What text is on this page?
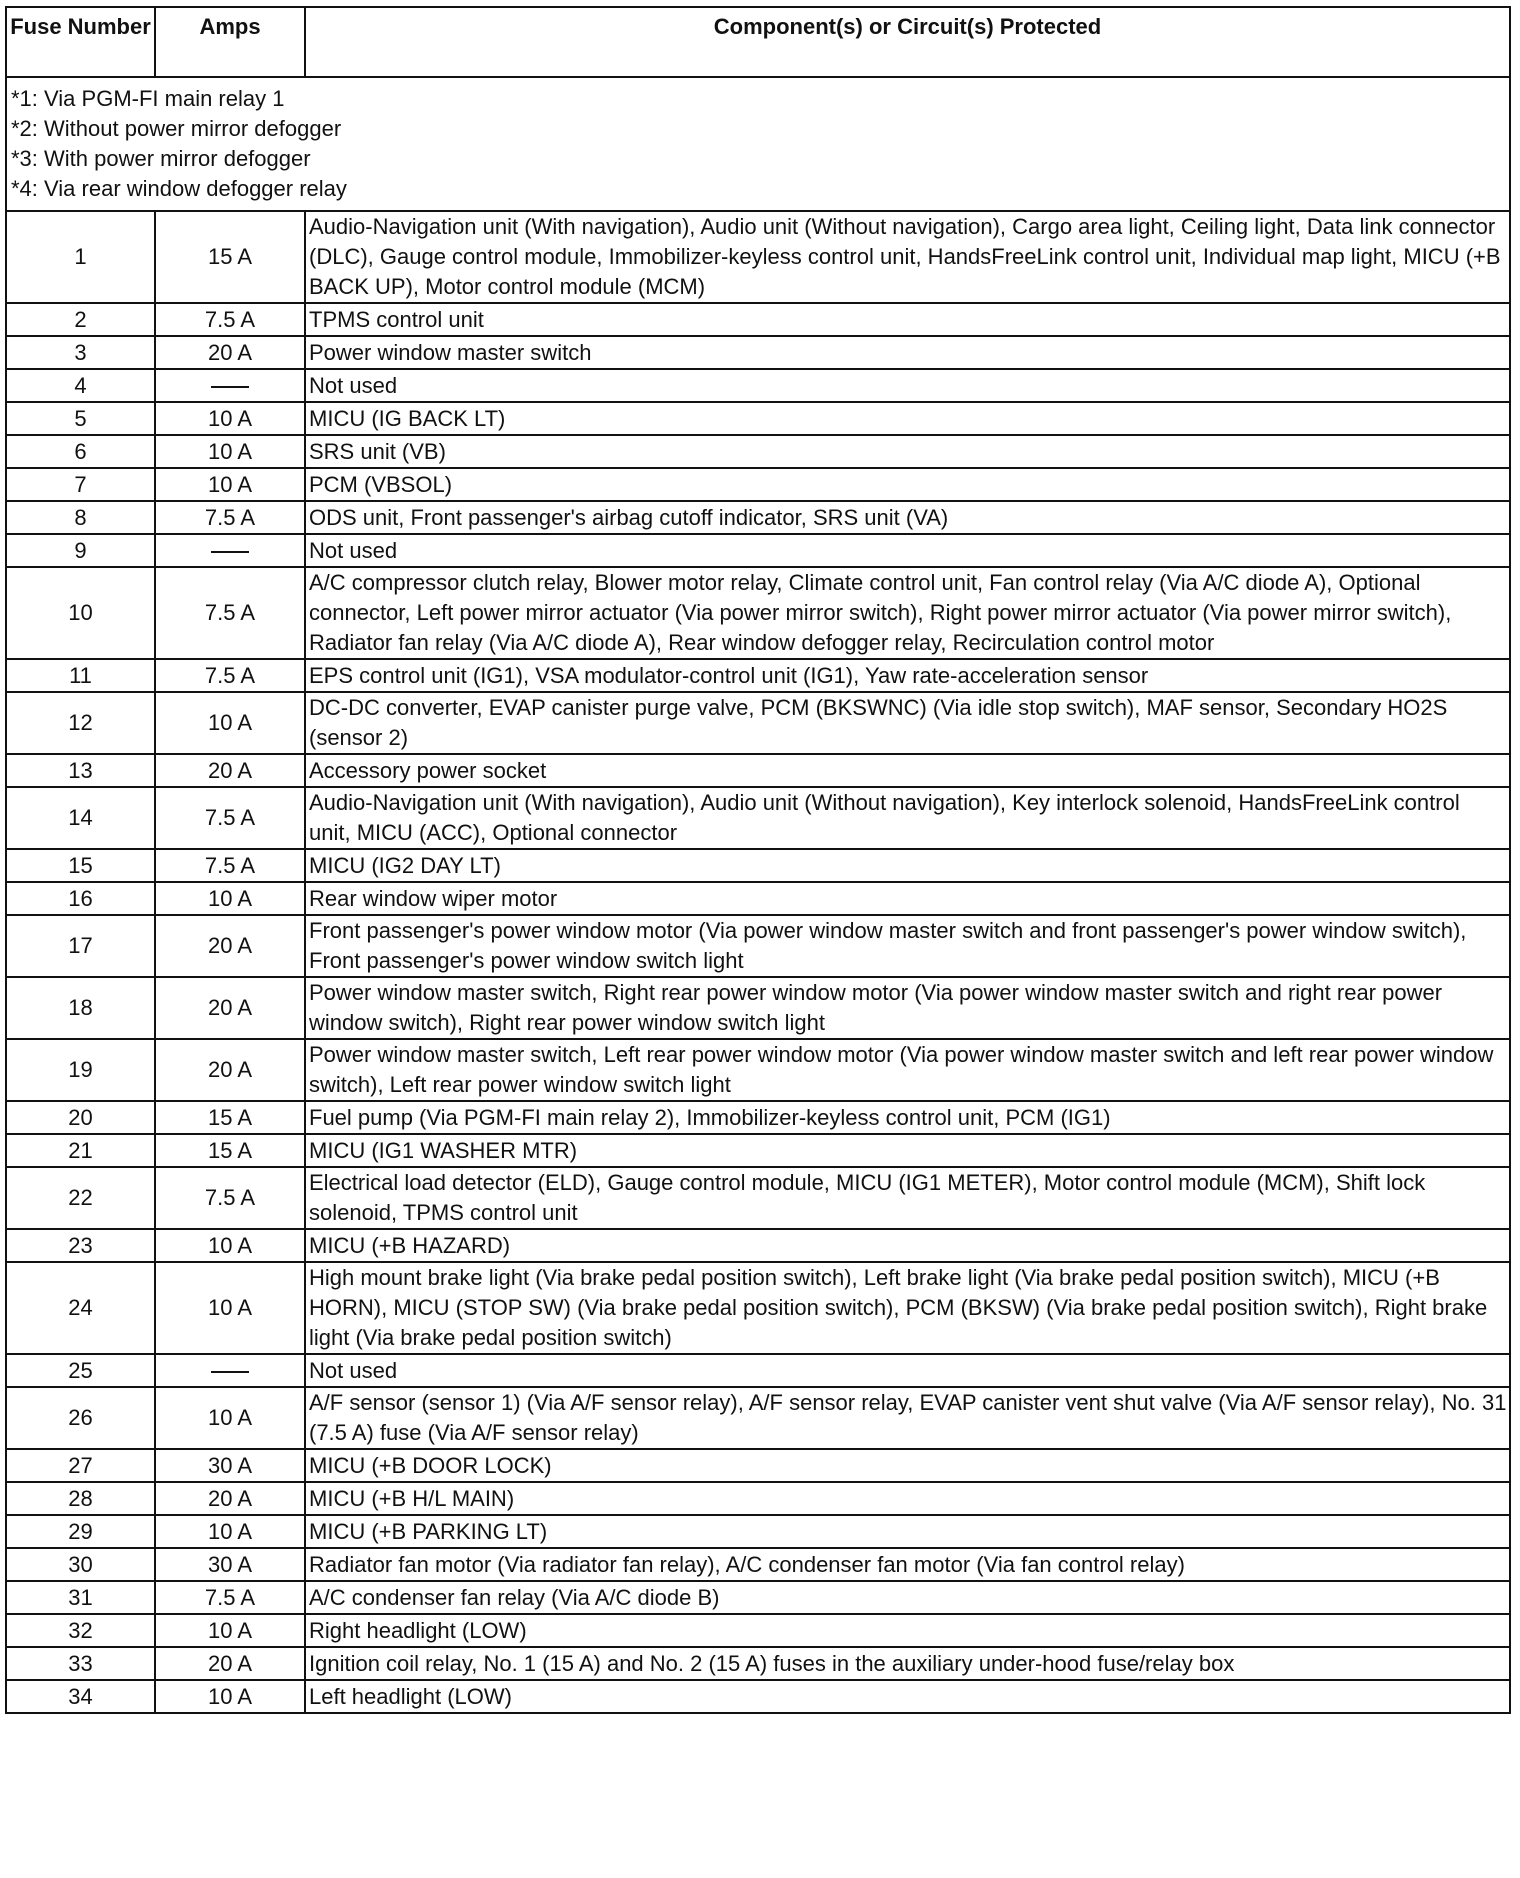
Fuse Number	Amps	Component(s) or Circuit(s) Protected

*1: Via PGM-FI main relay 1
*2: Without power mirror defogger
*3: With power mirror defogger
*4: Via rear window defogger relay		

1	15 A	Audio-Navigation unit (With navigation), Audio unit (Without navigation), Cargo area light, Ceiling light, Data link connector (DLC), Gauge control module, Immobilizer-keyless control unit, HandsFreeLink control unit, Individual map light, MICU (+B BACK UP), Motor control module (MCM)
2	7.5 A	TPMS control unit
3	20 A	Power window master switch
4		Not used
5	10 A	MICU (IG BACK LT)
6	10 A	SRS unit (VB)
7	10 A	PCM (VBSOL)
8	7.5 A	ODS unit, Front passenger's airbag cutoff indicator, SRS unit (VA)
9		Not used
10	7.5 A	A/C compressor clutch relay, Blower motor relay, Climate control unit, Fan control relay (Via A/C diode A), Optional connector, Left power mirror actuator (Via power mirror switch), Right power mirror actuator (Via power mirror switch), Radiator fan relay (Via A/C diode A), Rear window defogger relay, Recirculation control motor
11	7.5 A	EPS control unit (IG1), VSA modulator-control unit (IG1), Yaw rate-acceleration sensor
12	10 A	DC-DC converter, EVAP canister purge valve, PCM (BKSWNC) (Via idle stop switch), MAF sensor, Secondary HO2S (sensor 2)
13	20 A	Accessory power socket
14	7.5 A	Audio-Navigation unit (With navigation), Audio unit (Without navigation), Key interlock solenoid, HandsFreeLink control unit, MICU (ACC), Optional connector
15	7.5 A	MICU (IG2 DAY LT)
16	10 A	Rear window wiper motor
17	20 A	Front passenger's power window motor (Via power window master switch and front passenger's power window switch), Front passenger's power window switch light
18	20 A	Power window master switch, Right rear power window motor (Via power window master switch and right rear power window switch), Right rear power window switch light
19	20 A	Power window master switch, Left rear power window motor (Via power window master switch and left rear power window switch), Left rear power window switch light
20	15 A	Fuel pump (Via PGM-FI main relay 2), Immobilizer-keyless control unit, PCM (IG1)
21	15 A	MICU (IG1 WASHER MTR)
22	7.5 A	Electrical load detector (ELD), Gauge control module, MICU (IG1 METER), Motor control module (MCM), Shift lock solenoid, TPMS control unit
23	10 A	MICU (+B HAZARD)
24	10 A	High mount brake light (Via brake pedal position switch), Left brake light (Via brake pedal position switch), MICU (+B HORN), MICU (STOP SW) (Via brake pedal position switch), PCM (BKSW) (Via brake pedal position switch), Right brake light (Via brake pedal position switch)
25		Not used
26	10 A	A/F sensor (sensor 1) (Via A/F sensor relay), A/F sensor relay, EVAP canister vent shut valve (Via A/F sensor relay), No. 31 (7.5 A) fuse (Via A/F sensor relay)
27	30 A	MICU (+B DOOR LOCK)
28	20 A	MICU (+B H/L MAIN)
29	10 A	MICU (+B PARKING LT)
30	30 A	Radiator fan motor (Via radiator fan relay), A/C condenser fan motor (Via fan control relay)
31	7.5 A	A/C condenser fan relay (Via A/C diode B)
32	10 A	Right headlight (LOW)
33	20 A	Ignition coil relay, No. 1 (15 A) and No. 2 (15 A) fuses in the auxiliary under-hood fuse/relay box
34	10 A	Left headlight (LOW)
